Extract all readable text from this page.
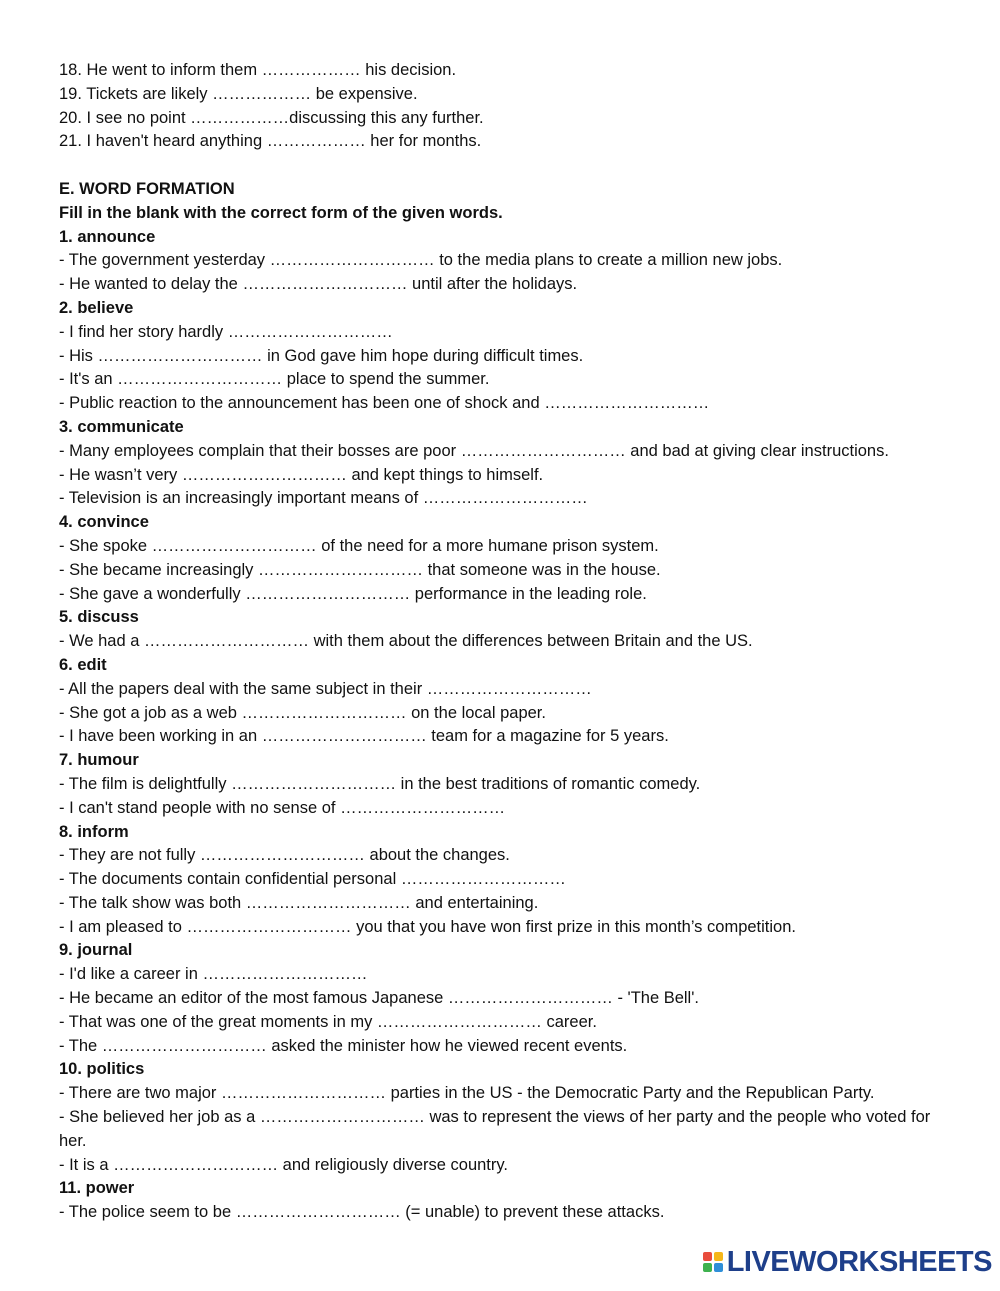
18. He went to inform them ……………… his decision.
19. Tickets are likely ……………… be expensive.
20. I see no point ………………discussing this any further.
21. I haven't heard anything ……………… her for months.
E. WORD FORMATION
Fill in the blank with the correct form of the given words.
1. announce
- The government yesterday ………………………… to the media plans to create a million new jobs.
- He wanted to delay the ………………………… until after the holidays.
2. believe
- I find her story hardly …………………………
- His ………………………… in God gave him hope during difficult times.
- It's an ………………………… place to spend the summer.
- Public reaction to the announcement has been one of shock and …………………………
3. communicate
- Many employees complain that their bosses are poor ………………………… and bad at giving clear instructions.
- He wasn’t very ………………………… and kept things to himself.
- Television is an increasingly important means of …………………………
4. convince
- She spoke ………………………… of the need for a more humane prison system.
- She became increasingly ………………………… that someone was in the house.
- She gave a wonderfully ………………………… performance in the leading role.
5. discuss
- We had a ………………………… with them about the differences between Britain and the US.
6. edit
- All the papers deal with the same subject in their …………………………
- She got a job as a web ………………………… on the local paper.
- I have been working in an ………………………… team for a magazine for 5 years.
7. humour
- The film is delightfully ………………………… in the best traditions of romantic comedy.
- I can't stand people with no sense of …………………………
8. inform
- They are not fully ………………………… about the changes.
- The documents contain confidential personal …………………………
- The talk show was both ………………………… and entertaining.
- I am pleased to ………………………… you that you have won first prize in this month’s competition.
9. journal
- I'd like a career in …………………………
- He became an editor of the most famous Japanese ………………………… - 'The Bell'.
- That was one of the great moments in my ………………………… career.
- The ………………………… asked the minister how he viewed recent events.
10. politics
- There are two major ………………………… parties in the US - the Democratic Party and the Republican Party.
- She believed her job as a ………………………… was to represent the views of her party and the people who voted for her.
- It is a ………………………… and religiously diverse country.
11. power
- The police seem to be ………………………… (= unable) to prevent these attacks.
LIVEWORKSHEETS
